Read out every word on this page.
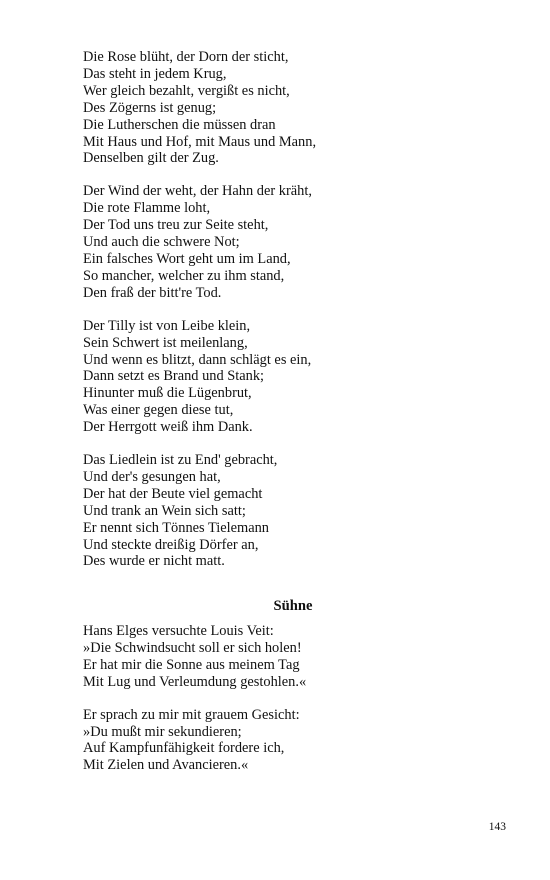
Die Rose blüht, der Dorn der sticht,
Das steht in jedem Krug,
Wer gleich bezahlt, vergißt es nicht,
Des Zögerns ist genug;
Die Lutherschen die müssen dran
Mit Haus und Hof, mit Maus und Mann,
Denselben gilt der Zug.
Der Wind der weht, der Hahn der kräht,
Die rote Flamme loht,
Der Tod uns treu zur Seite steht,
Und auch die schwere Not;
Ein falsches Wort geht um im Land,
So mancher, welcher zu ihm stand,
Den fraß der bitt're Tod.
Der Tilly ist von Leibe klein,
Sein Schwert ist meilenlang,
Und wenn es blitzt, dann schlägt es ein,
Dann setzt es Brand und Stank;
Hinunter muß die Lügenbrut,
Was einer gegen diese tut,
Der Herrgott weiß ihm Dank.
Das Liedlein ist zu End' gebracht,
Und der's gesungen hat,
Der hat der Beute viel gemacht
Und trank an Wein sich satt;
Er nennt sich Tönnes Tielemann
Und steckte dreißig Dörfer an,
Des wurde er nicht matt.
Sühne
Hans Elges versuchte Louis Veit:
»Die Schwindsucht soll er sich holen!
Er hat mir die Sonne aus meinem Tag
Mit Lug und Verleumdung gestohlen.«
Er sprach zu mir mit grauem Gesicht:
»Du mußt mir sekundieren;
Auf Kampfunfähigkeit fordere ich,
Mit Zielen und Avancieren.«
143
